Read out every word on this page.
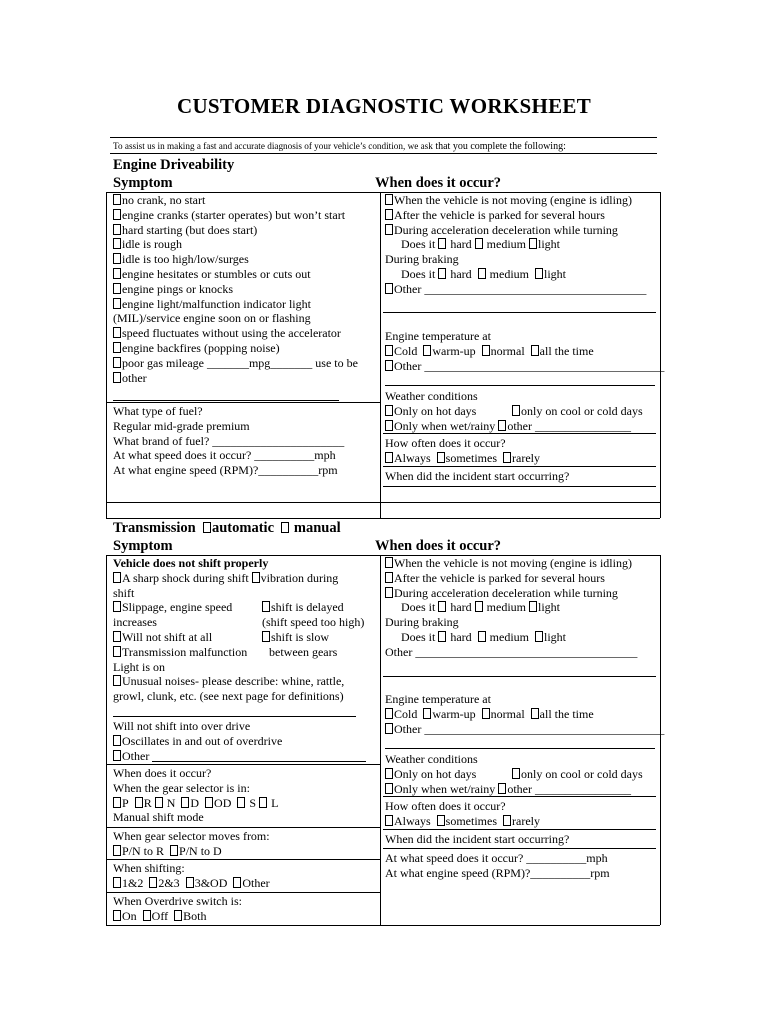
CUSTOMER DIAGNOSTIC WORKSHEET
To assist us in making a fast and accurate diagnosis of your vehicle’s condition, we ask that you complete the following:
Engine Driveability
Symptom	When does it occur?
no crank, no start
engine cranks (starter operates) but won’t start
hard starting (but does start)
idle is rough
idle is too high/low/surges
engine hesitates or stumbles or cuts out
engine pings or knocks
engine light/malfunction indicator light
(MIL)/service engine soon on or flashing
speed fluctuates without using the accelerator
engine backfires (popping noise)
poor gas mileage _______mpg_______ use to be
other
What type of fuel?
Regular mid-grade premium
What brand of fuel? ______________________
At what speed does it occur? __________mph
At what engine speed (RPM)?__________rpm
When the vehicle is not moving (engine is idling)
After the vehicle is parked for several hours
During acceleration deceleration while turning
Does it hard medium light
During braking
Does it hard medium light
Other _____________________________________
Engine temperature at
Cold warm-up normal all the time
Other ________________________________________
Weather conditions
Only on hot days
Only when wet/rainy other ________________
only on cool or cold days
How often does it occur?
Always sometimes rarely
When did the incident start occurring?
Transmission automatic manual
Symptom	When does it occur?
Vehicle does not shift properly
A sharp shock during shift vibration during
shift
Slippage, engine speed
increases
Will not shift at all
Transmission malfunction
Light is on
Unusual noises- please describe: whine, rattle,
growl, clunk, etc. (see next page for definitions)
shift is delayed
(shift speed too high)
shift is slow
between gears
Will not shift into over drive
Oscillates in and out of overdrive
Other
When does it occur?
When the gear selector is in:
P R N D OD S L
Manual shift mode
When gear selector moves from:
P/N to R P/N to D
When shifting:
1&2 2&3 3&OD Other
When Overdrive switch is:
On Off Both
When the vehicle is not moving (engine is idling)
After the vehicle is parked for several hours
During acceleration deceleration while turning
Does it hard medium light
During braking
Does it hard medium light
Other _____________________________________
Engine temperature at
Cold warm-up normal all the time
Other ________________________________________
Weather conditions
Only on hot days
Only when wet/rainy other ________________
only on cool or cold days
How often does it occur?
Always sometimes rarely
When did the incident start occurring?
At what speed does it occur? __________mph
At what engine speed (RPM)?__________rpm
